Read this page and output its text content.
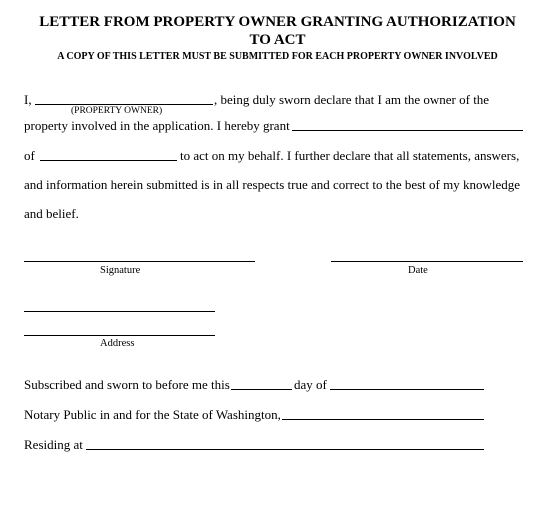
LETTER FROM PROPERTY OWNER GRANTING AUTHORIZATION
TO ACT
A COPY OF THIS LETTER MUST BE SUBMITTED FOR EACH PROPERTY OWNER INVOLVED
I,	, being duly sworn declare that I am the owner of the
(PROPERTY OWNER)
property involved in the application. I hereby grant
of	to act on my behalf. I further declare that all statements, answers,
and information herein submitted is in all respects true and correct to the best of my knowledge
and belief.
Signature	Date
Address
Subscribed and sworn to before me this	day of
Notary Public in and for the State of Washington,
Residing at
